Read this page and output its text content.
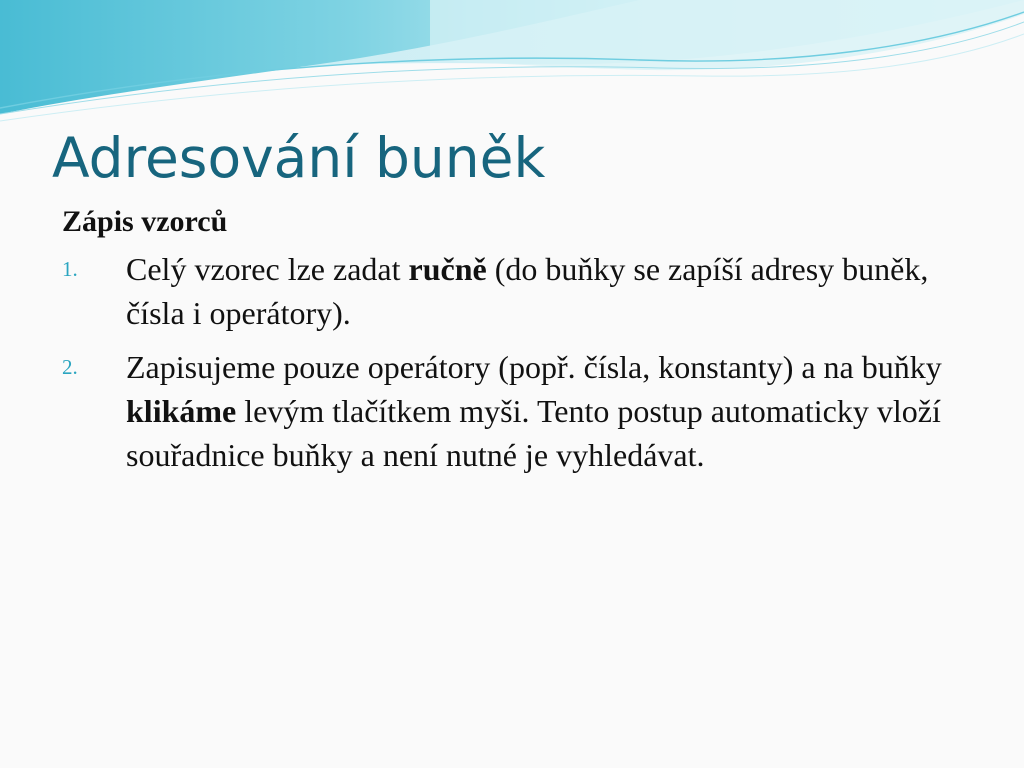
Adresování buněk
Zápis vzorců
1. Celý vzorec lze zadat ručně (do buňky se zapíší adresy buněk, čísla i operátory).
2. Zapisujeme pouze operátory (popř. čísla, konstanty) a na buňky klikáme levým tlačítkem myši. Tento postup automaticky vloží souřadnice buňky a není nutné je vyhledávat.
